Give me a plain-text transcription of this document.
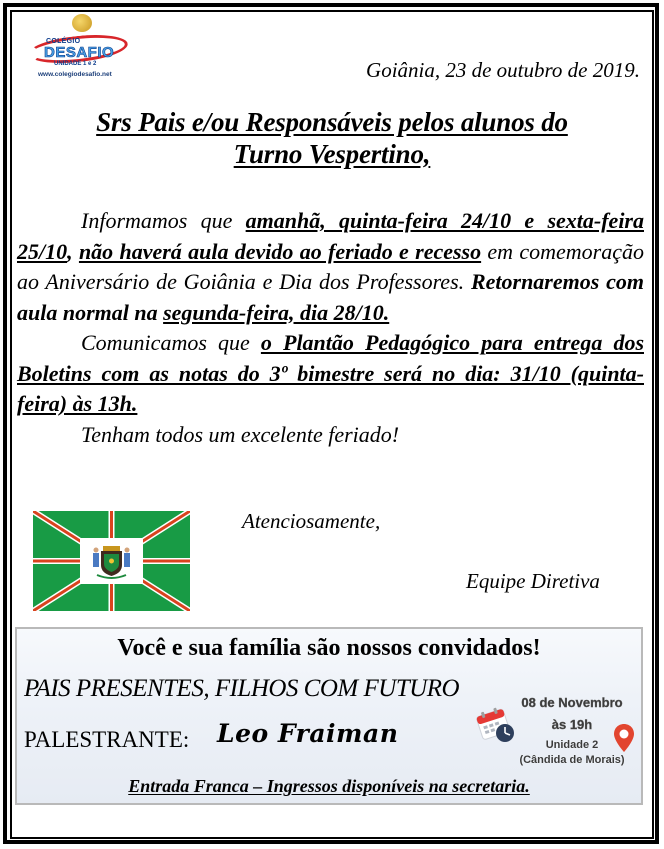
COLÉGIO
DESAFIO
UNIDADE 1 e 2
www.colegiodesafio.net	Goiânia, 23 de outubro de 2019.
Srs Pais e/ou Responsáveis pelos alunos do
Turno Vespertino,

Informamos que amanhã, quinta-feira 24/10 e sexta-feira 25/10, não haverá aula devido ao feriado e recesso em comemoração ao Aniversário de Goiânia e Dia dos Professores. Retornaremos com aula normal na segunda-feira, dia 28/10.

Comunicamos que o Plantão Pedagógico para entrega dos Boletins com as notas do 3º bimestre será no dia: 31/10 (quinta-feira) às 13h.

Tenham todos um excelente feriado!

Atenciosamente,
Equipe Diretiva
Você e sua família são nossos convidados!
PAIS PRESENTES, FILHOS COM FUTURO
PALESTRANTE: Leo Fraiman
08 de Novembro
às 19h
Unidade 2
(Cândida de Morais)
Entrada Franca – Ingressos disponíveis na secretaria.
